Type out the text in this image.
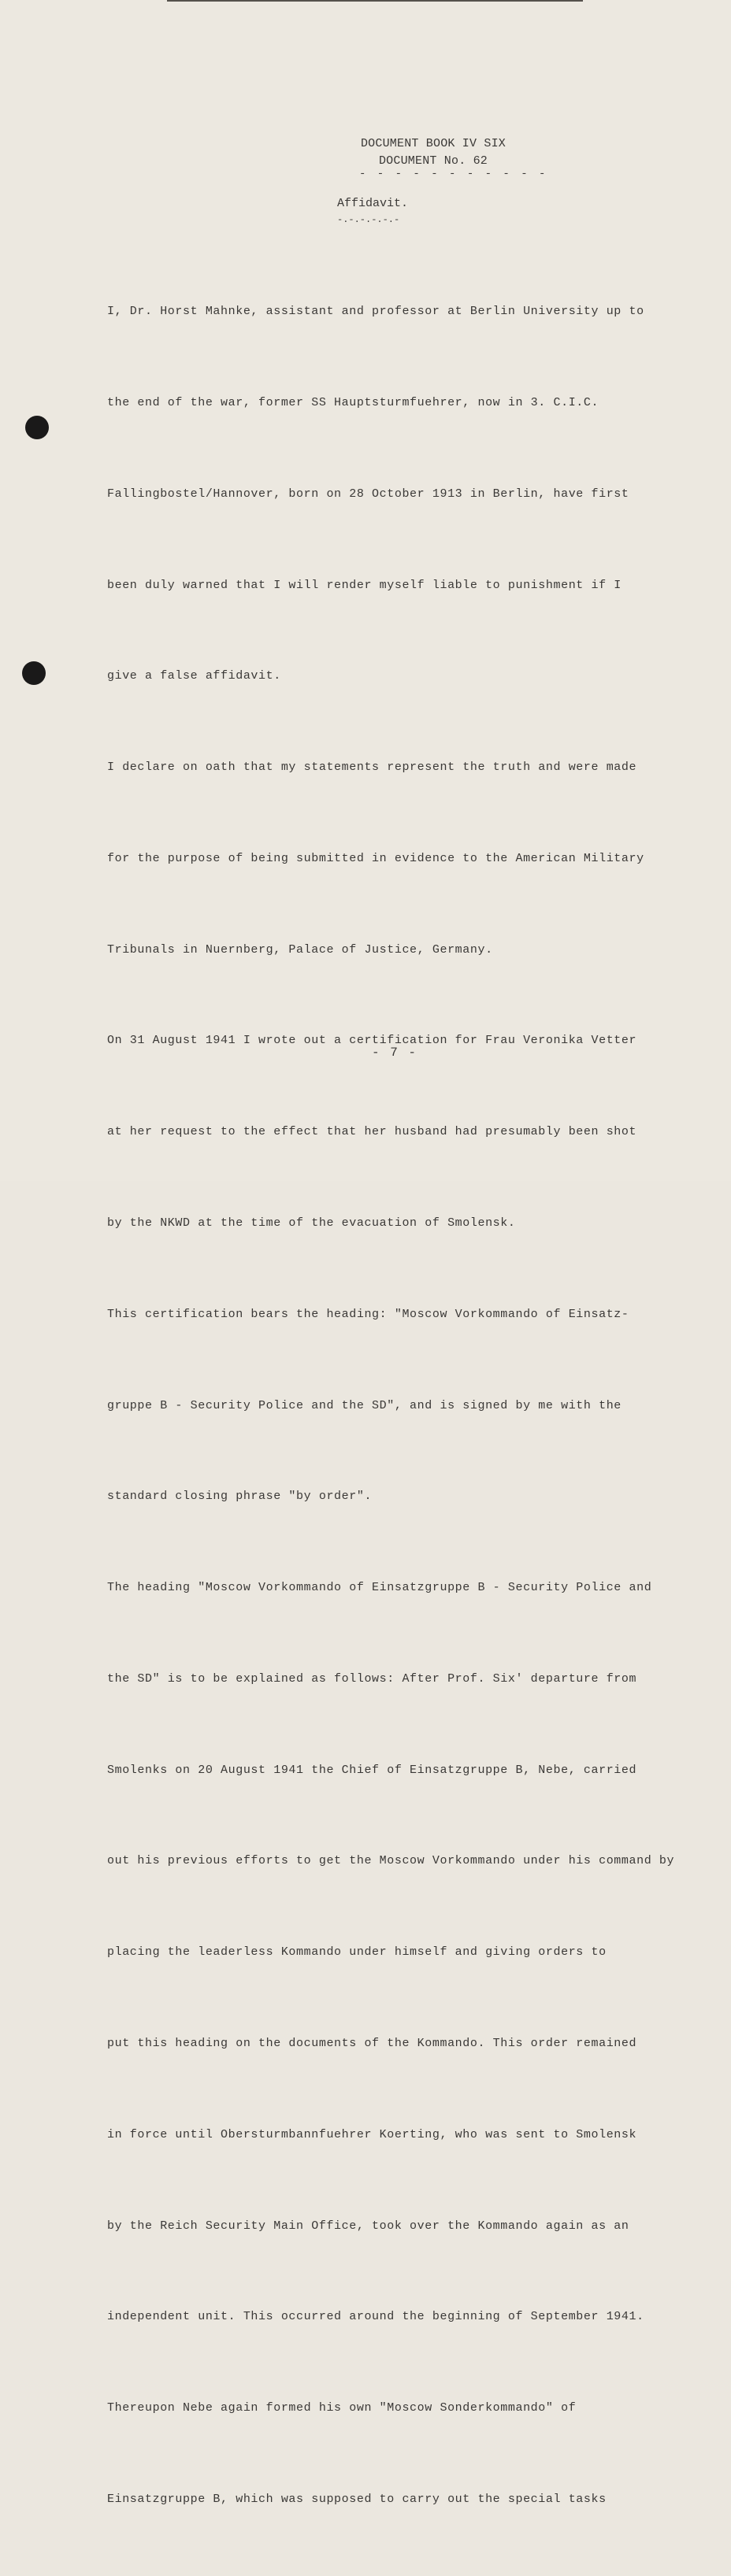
DOCUMENT BOOK IV SIX
DOCUMENT No. 62
- - - - - - - - - - -
Affidavit.
-.-.-.-.-.-

I, Dr. Horst Mahnke, assistant and professor at Berlin University up to

the end of the war, former SS Hauptsturmfuehrer, now in 3. C.I.C.

Fallingbostel/Hannover, born on 28 October 1913 in Berlin, have first

been duly warned that I will render myself liable to punishment if I

give a false affidavit.

I declare on oath that my statements represent the truth and were made

for the purpose of being submitted in evidence to the American Military

Tribunals in Nuernberg, Palace of Justice, Germany.

On 31 August 1941 I wrote out a certification for Frau Veronika Vetter

at her request to the effect that her husband had presumably been shot

by the NKWD at the time of the evacuation of Smolensk.

This certification bears the heading: "Moscow Vorkommando of Einsatz-

gruppe B - Security Police and the SD", and is signed by me with the

standard closing phrase "by order".

The heading "Moscow Vorkommando of Einsatzgruppe B - Security Police and

the SD" is to be explained as follows: After Prof. Six' departure from

Smolenks on 20 August 1941 the Chief of Einsatzgruppe B, Nebe, carried

out his previous efforts to get the Moscow Vorkommando under his command by

placing the leaderless Kommando under himself and giving orders to

put this heading on the documents of the Kommando. This order remained

in force until Obersturmbannfuehrer Koerting, who was sent to Smolensk

by the Reich Security Main Office, took over the Kommando again as an

independent unit. This occurred around the beginning of September 1941.

Thereupon Nebe again formed his own "Moscow Sonderkommando" of

Einsatzgruppe B, which was supposed to carry out the special tasks

- 7 -
